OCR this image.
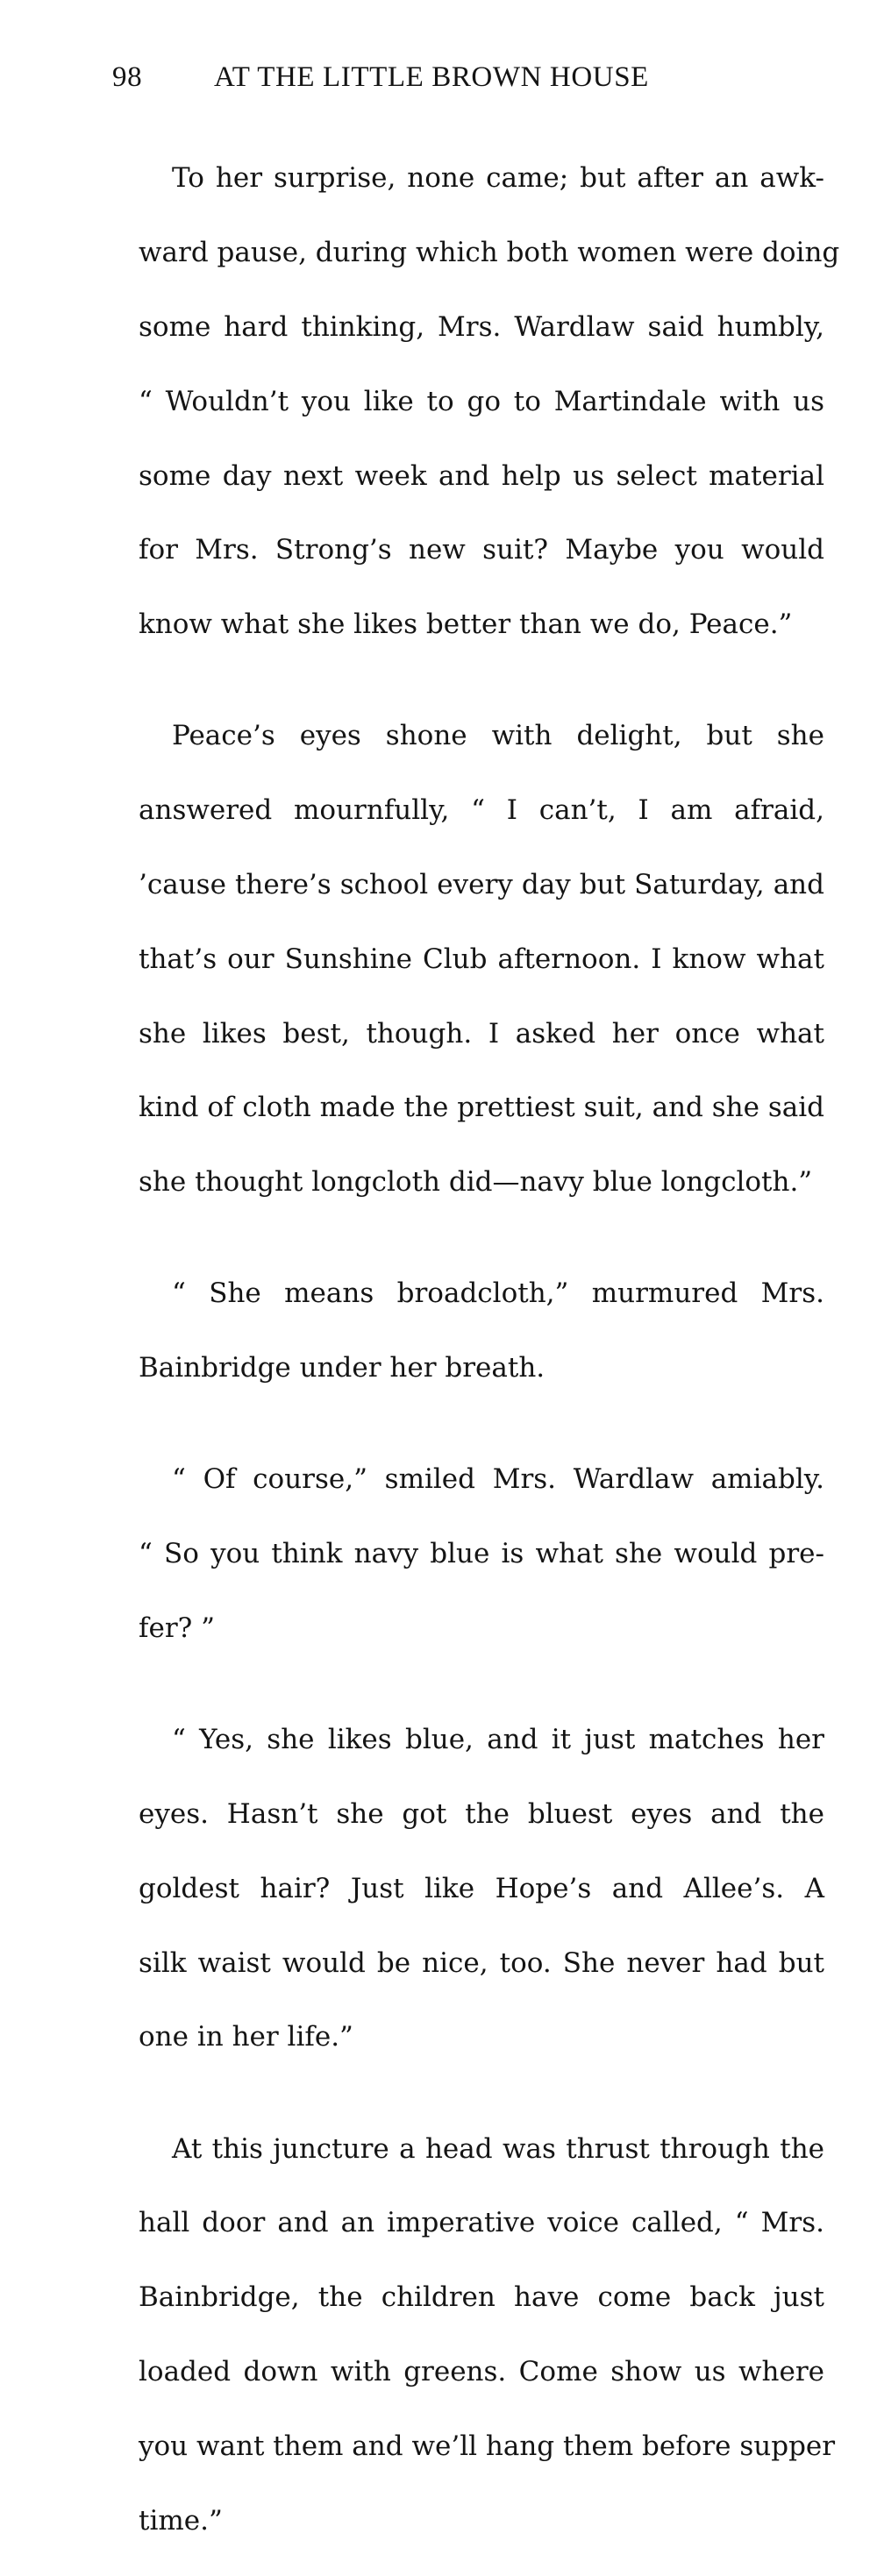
98 AT THE LITTLE BROWN HOUSE

To her surprise, none came; but after an awk-

ward pause, during which both women were doing

some hard thinking, Mrs. Wardlaw said humbly,

“ Wouldn’t you like to go to Martindale with us

some day next week and help us select material

for Mrs. Strong’s new suit? Maybe you would

know what she likes better than we do, Peace.”

Peace’s eyes shone with delight, but she

answered mournfully, “ I can’t, I am afraid,

’cause there’s school every day but Saturday, and

that’s our Sunshine Club afternoon. I know what

she likes best, though. I asked her once what

kind of cloth made the prettiest suit, and she said

she thought longcloth did—navy blue longcloth.”

“ She means broadcloth,” murmured Mrs.

Bainbridge under her breath.

“ Of course,” smiled Mrs. Wardlaw amiably.

“ So you think navy blue is what she would pre-

fer? ”

“ Yes, she likes blue, and it just matches her

eyes. Hasn’t she got the bluest eyes and the

goldest hair? Just like Hope’s and Allee’s. A

silk waist would be nice, too. She never had but

one in her life.”

At this juncture a head was thrust through the

hall door and an imperative voice called, “ Mrs.

Bainbridge, the children have come back just

loaded down with greens. Come show us where

you want them and we’ll hang them before supper

time.”
